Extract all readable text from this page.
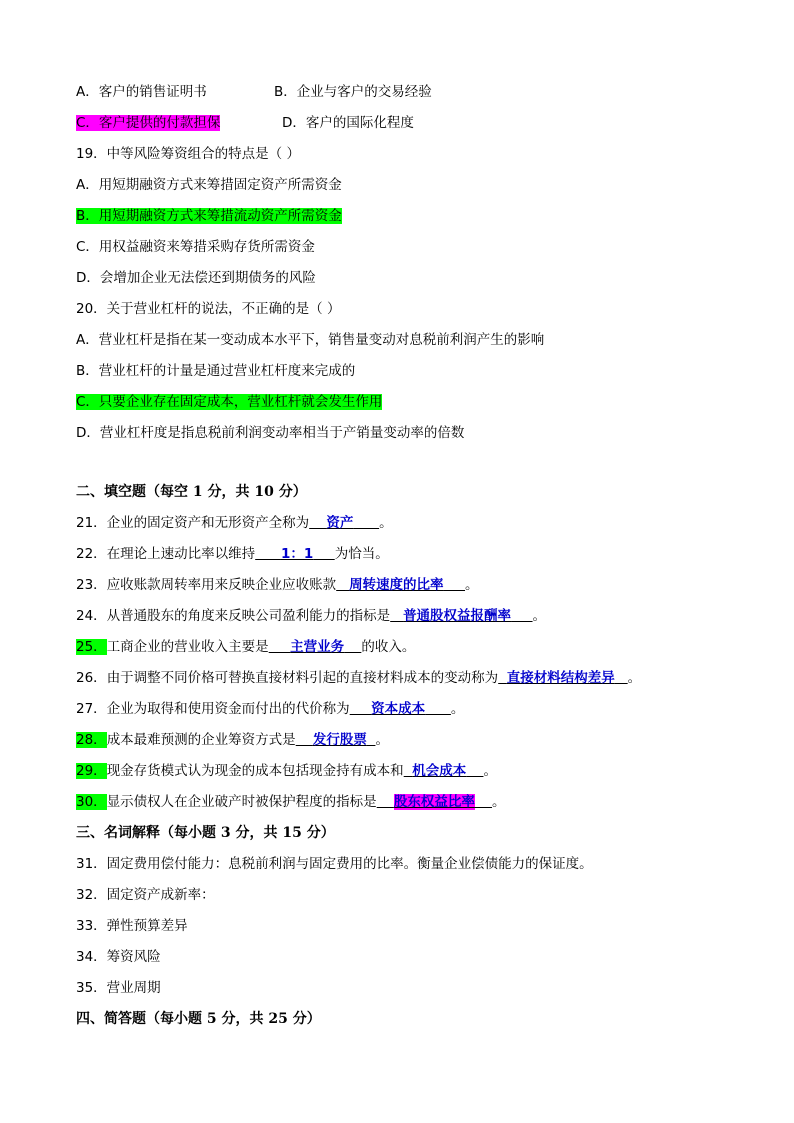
A．客户的销售证明书	B．企业与客户的交易经验
C．客户提供的付款担保	D．客户的国际化程度
19．中等风险筹资组合的特点是（ ）
A．用短期融资方式来筹措固定资产所需资金
B．用短期融资方式来筹措流动资产所需资金
C．用权益融资来筹措采购存货所需资金
D．会增加企业无法偿还到期债务的风险
20．关于营业杠杆的说法，不正确的是（ ）
A．营业杠杆是指在某一变动成本水平下，销售量变动对息税前利润产生的影响
B．营业杠杆的计量是通过营业杠杆度来完成的
C．只要企业存在固定成本，营业杠杆就会发生作用
D．营业杠杆度是指息税前利润变动率相当于产销量变动率的倍数
二、填空题（每空 1 分，共 10 分）
21．企业的固定资产和无形资产全称为 资产 。
22．在理论上速动比率以维持 1：1 为恰当。
23．应收账款周转率用来反映企业应收账款 周转速度的比率 。
24．从普通股东的角度来反映公司盈利能力的指标是 普通股权益报酬率 。
25．工商企业的营业收入主要是 主营业务 的收入。
26．由于调整不同价格可替换直接材料引起的直接材料成本的变动称为 直接材料结构差异 。
27．企业为取得和使用资金而付出的代价称为 资本成本 。
28．成本最难预测的企业筹资方式是 发行股票 。
29．现金存货模式认为现金的成本包括现金持有成本和 机会成本 。
30．显示债权人在企业破产时被保护程度的指标是 股东权益比率 。
三、名词解释（每小题 3 分，共 15 分）
31．固定费用偿付能力：息税前利润与固定费用的比率。衡量企业偿债能力的保证度。
32．固定资产成新率：
33．弹性预算差异
34．筹资风险
35．营业周期
四、简答题（每小题 5 分，共 25 分）
